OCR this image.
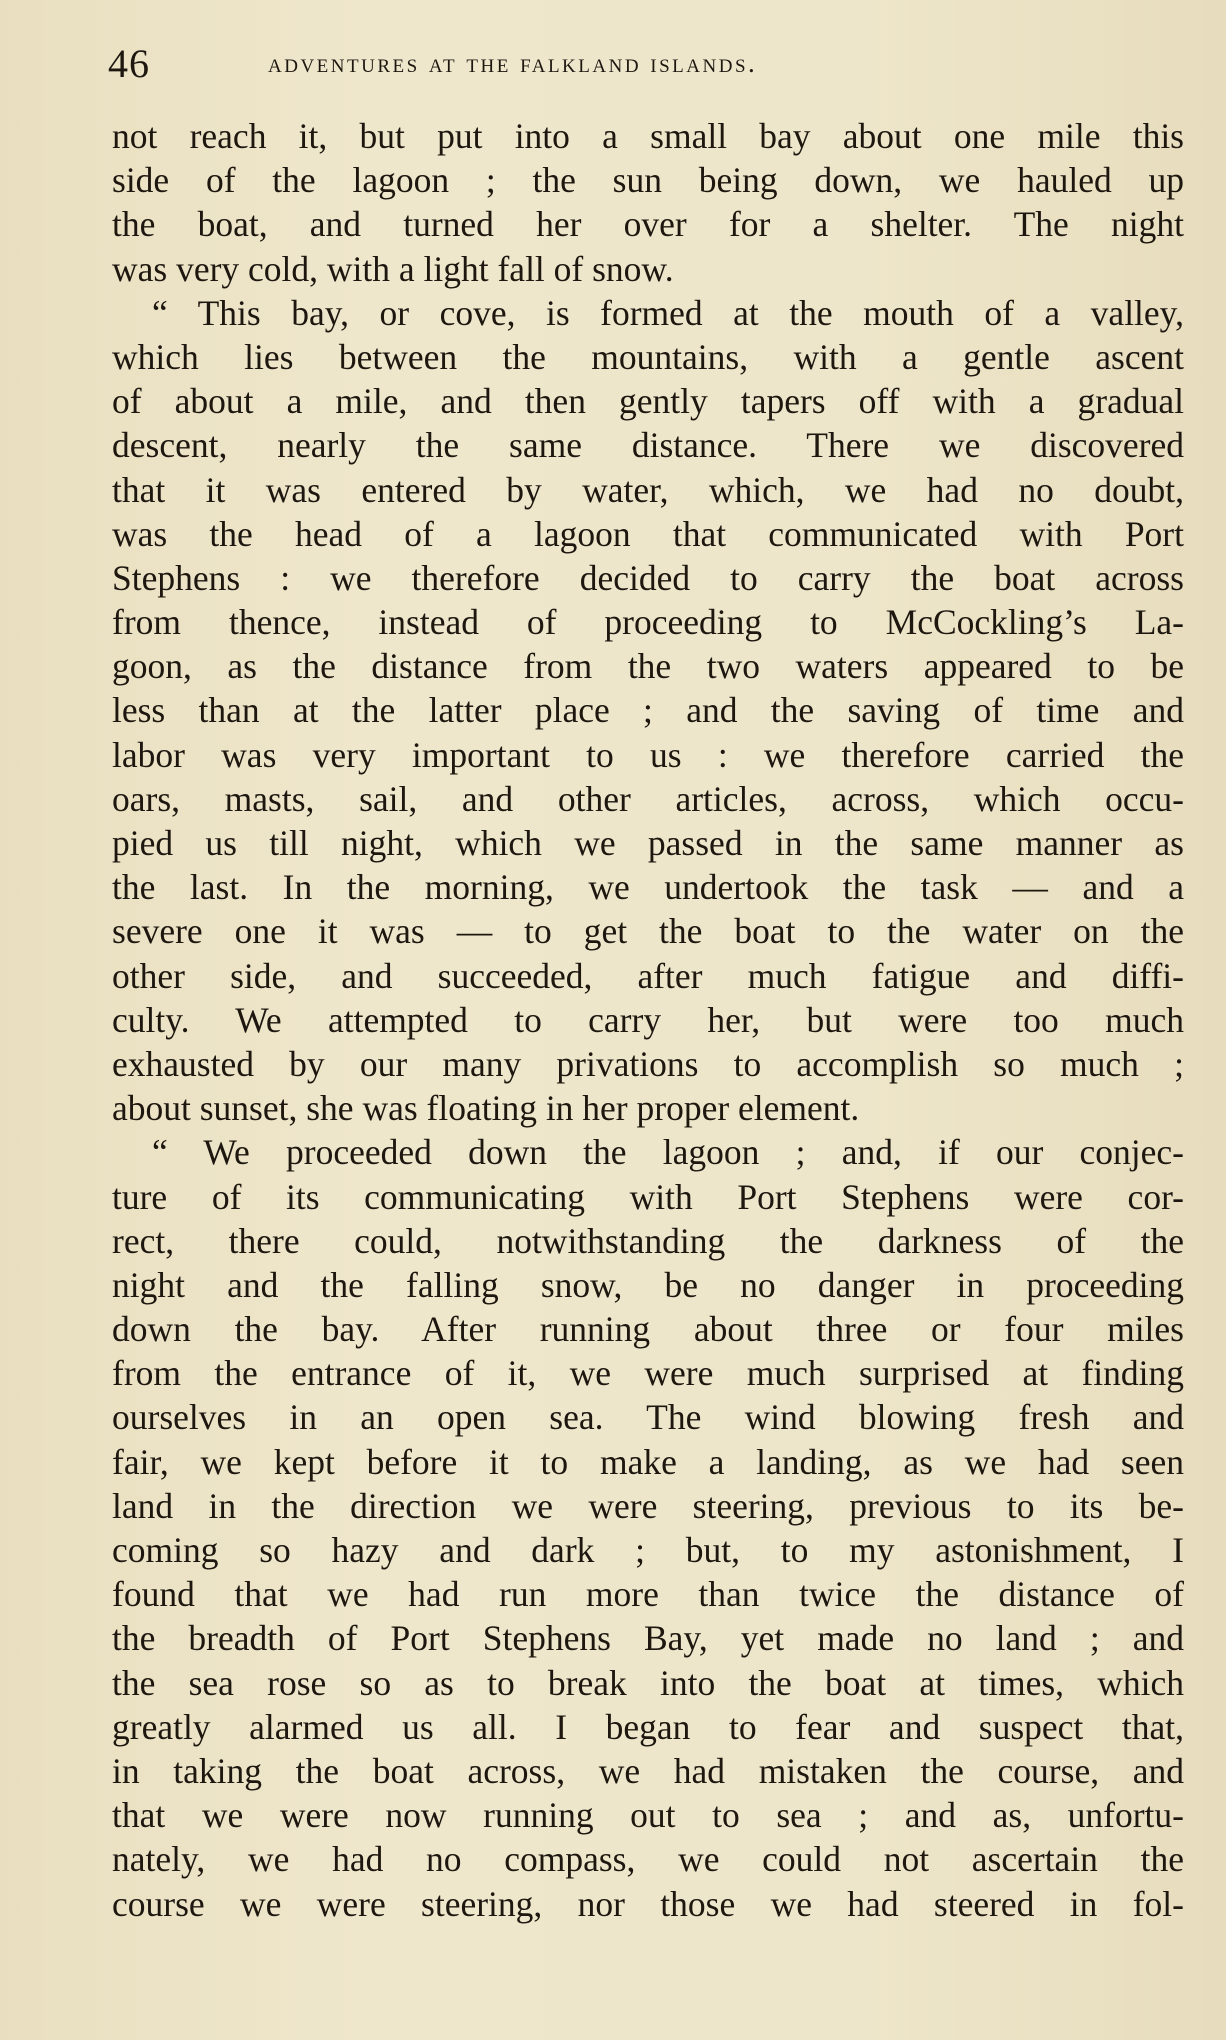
46	adventures at the falkland islands.
not reach it, but put into a small bay about one mile this
side of the lagoon ; the sun being down, we hauled up
the boat, and turned her over for a shelter. The night
was very cold, with a light fall of snow.
“ This bay, or cove, is formed at the mouth of a valley,
which lies between the mountains, with a gentle ascent
of about a mile, and then gently tapers off with a gradual
descent, nearly the same distance. There we discovered
that it was entered by water, which, we had no doubt,
was the head of a lagoon that communicated with Port
Stephens : we therefore decided to carry the boat across
from thence, instead of proceeding to McCockling’s La-
goon, as the distance from the two waters appeared to be
less than at the latter place ; and the saving of time and
labor was very important to us : we therefore carried the
oars, masts, sail, and other articles, across, which occu-
pied us till night, which we passed in the same manner as
the last. In the morning, we undertook the task — and a
severe one it was — to get the boat to the water on the
other side, and succeeded, after much fatigue and diffi-
culty. We attempted to carry her, but were too much
exhausted by our many privations to accomplish so much ;
about sunset, she was floating in her proper element.
“ We proceeded down the lagoon ; and, if our conjec-
ture of its communicating with Port Stephens were cor-
rect, there could, notwithstanding the darkness of the
night and the falling snow, be no danger in proceeding
down the bay. After running about three or four miles
from the entrance of it, we were much surprised at finding
ourselves in an open sea. The wind blowing fresh and
fair, we kept before it to make a landing, as we had seen
land in the direction we were steering, previous to its be-
coming so hazy and dark ; but, to my astonishment, I
found that we had run more than twice the distance of
the breadth of Port Stephens Bay, yet made no land ; and
the sea rose so as to break into the boat at times, which
greatly alarmed us all. I began to fear and suspect that,
in taking the boat across, we had mistaken the course, and
that we were now running out to sea ; and as, unfortu-
nately, we had no compass, we could not ascertain the
course we were steering, nor those we had steered in fol-
